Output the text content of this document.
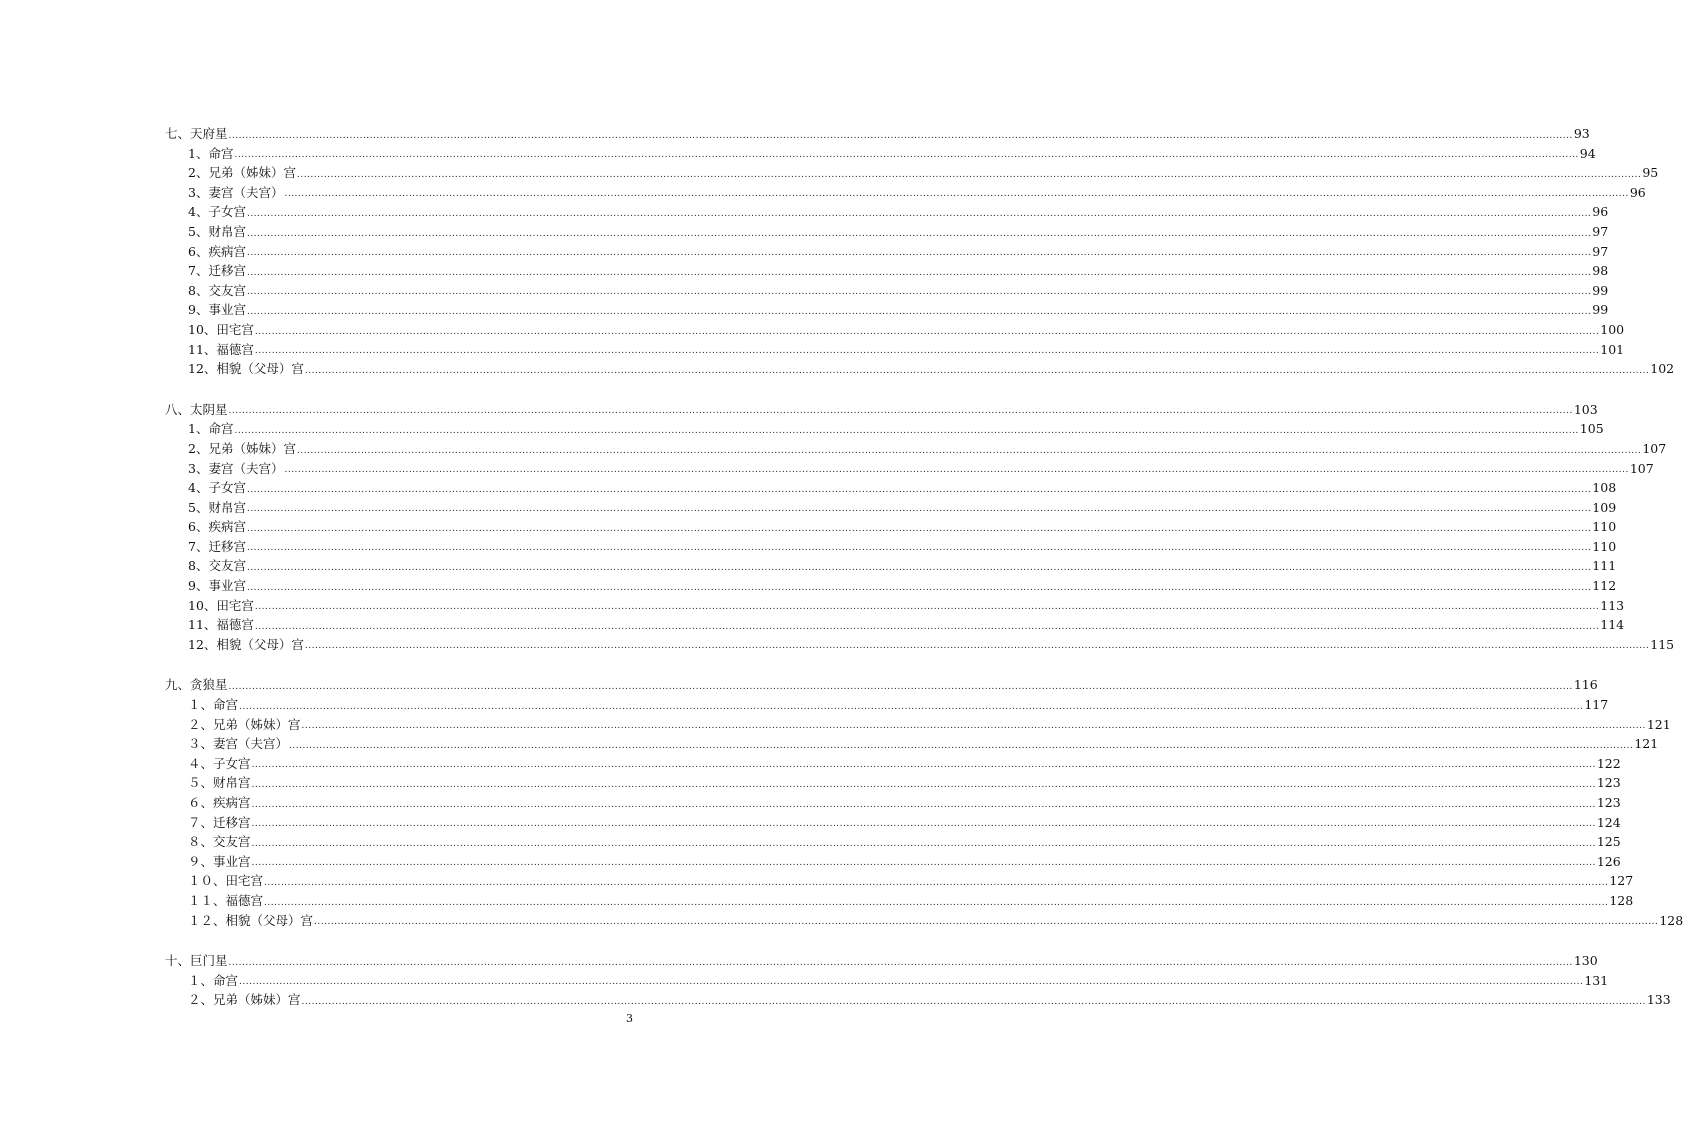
七、天府星 ................................................................................................................................................................................................................................................................................................................................................................................................................ 93
1、命宫 ................................................................................................................................................................................................................................................................................................................................................................................................................ 94
2、兄弟（姊妹）宫 ................................................................................................................................................................................................................................................................................................................................................................................................................ 95
3、妻宫（夫宫） ................................................................................................................................................................................................................................................................................................................................................................................................................ 96
4、子女宫 ................................................................................................................................................................................................................................................................................................................................................................................................................ 96
5、财帛宫 ................................................................................................................................................................................................................................................................................................................................................................................................................ 97
6、疾病宫 ................................................................................................................................................................................................................................................................................................................................................................................................................ 97
7、迁移宫 ................................................................................................................................................................................................................................................................................................................................................................................................................ 98
8、交友宫 ................................................................................................................................................................................................................................................................................................................................................................................................................ 99
9、事业宫 ................................................................................................................................................................................................................................................................................................................................................................................................................ 99
10、田宅宫 ................................................................................................................................................................................................................................................................................................................................................................................................................ 100
11、福德宫 ................................................................................................................................................................................................................................................................................................................................................................................................................ 101
12、相貌（父母）宫 ................................................................................................................................................................................................................................................................................................................................................................................................................ 102
八、太阴星 ................................................................................................................................................................................................................................................................................................................................................................................................................ 103
1、命宫 ................................................................................................................................................................................................................................................................................................................................................................................................................ 105
2、兄弟（姊妹）宫 ................................................................................................................................................................................................................................................................................................................................................................................................................ 107
3、妻宫（夫宫） ................................................................................................................................................................................................................................................................................................................................................................................................................ 107
4、子女宫 ................................................................................................................................................................................................................................................................................................................................................................................................................ 108
5、财帛宫 ................................................................................................................................................................................................................................................................................................................................................................................................................ 109
6、疾病宫 ................................................................................................................................................................................................................................................................................................................................................................................................................ 110
7、迁移宫 ................................................................................................................................................................................................................................................................................................................................................................................................................ 110
8、交友宫 ................................................................................................................................................................................................................................................................................................................................................................................................................ 111
9、事业宫 ................................................................................................................................................................................................................................................................................................................................................................................................................ 112
10、田宅宫 ................................................................................................................................................................................................................................................................................................................................................................................................................ 113
11、福德宫 ................................................................................................................................................................................................................................................................................................................................................................................................................ 114
12、相貌（父母）宫 ................................................................................................................................................................................................................................................................................................................................................................................................................ 115
九、贪狼星 ................................................................................................................................................................................................................................................................................................................................................................................................................ 116
１、命宫 ................................................................................................................................................................................................................................................................................................................................................................................................................ 117
２、兄弟（姊妹）宫 ................................................................................................................................................................................................................................................................................................................................................................................................................ 121
３、妻宫（夫宫） ................................................................................................................................................................................................................................................................................................................................................................................................................ 121
４、子女宫 ................................................................................................................................................................................................................................................................................................................................................................................................................ 122
５、财帛宫 ................................................................................................................................................................................................................................................................................................................................................................................................................ 123
６、疾病宫 ................................................................................................................................................................................................................................................................................................................................................................................................................ 123
７、迁移宫 ................................................................................................................................................................................................................................................................................................................................................................................................................ 124
８、交友宫 ................................................................................................................................................................................................................................................................................................................................................................................................................ 125
９、事业宫 ................................................................................................................................................................................................................................................................................................................................................................................................................ 126
１０、田宅宫 ................................................................................................................................................................................................................................................................................................................................................................................................................ 127
１１、福德宫 ................................................................................................................................................................................................................................................................................................................................................................................................................ 128
１２、相貌（父母）宫 ................................................................................................................................................................................................................................................................................................................................................................................................................ 128
十、巨门星 ................................................................................................................................................................................................................................................................................................................................................................................................................ 130
１、命宫 ................................................................................................................................................................................................................................................................................................................................................................................................................ 131
２、兄弟（姊妹）宫 ................................................................................................................................................................................................................................................................................................................................................................................................................ 133
3
